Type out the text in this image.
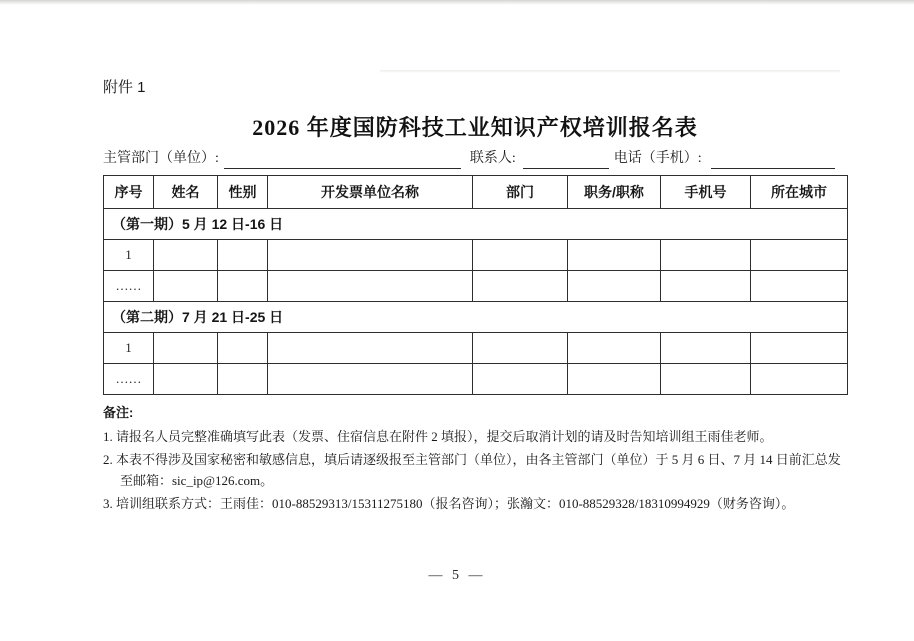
附件 1
2026 年度国防科技工业知识产权培训报名表
主管部门（单位）:	联系人:	电话（手机）:
序号	姓名	性别	开发票单位名称	部门	职务/职称	手机号	所在城市
（第一期）5 月 12 日-16 日							
1							
……							
（第二期）7 月 21 日-25 日							
1							
……							
备注:
1. 请报名人员完整准确填写此表（发票、住宿信息在附件 2 填报），提交后取消计划的请及时告知培训组王雨佳老师。
2. 本表不得涉及国家秘密和敏感信息，填后请逐级报至主管部门（单位），由各主管部门（单位）于 5 月 6 日、7 月 14 日前汇总发至邮箱：sic_ip@126.com。
3. 培训组联系方式：王雨佳：010-88529313/15311275180（报名咨询）；张瀚文：010-88529328/18310994929（财务咨询）。
— 5 —
